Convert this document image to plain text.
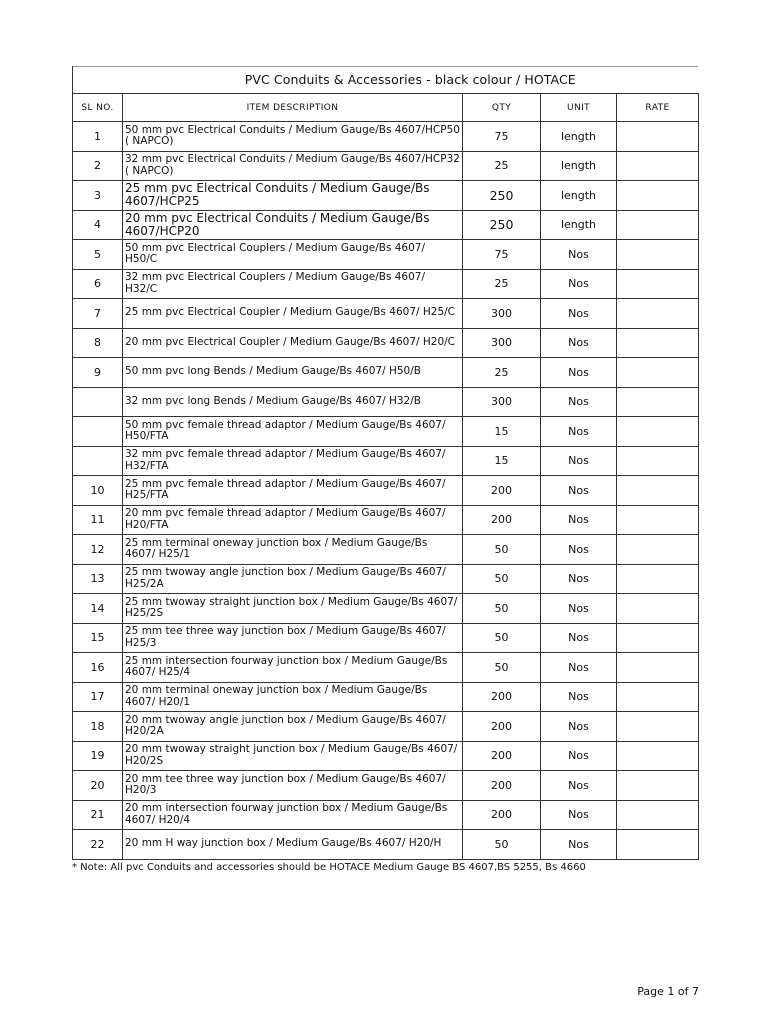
	PVC Conduits & Accessories - black colour / HOTACE			
SL NO.	ITEM DESCRIPTION	QTY	UNIT	RATE
1	50 mm pvc Electrical Conduits / Medium Gauge/Bs 4607/HCP50 ( NAPCO)	75	length	
2	32 mm pvc Electrical Conduits / Medium Gauge/Bs 4607/HCP32 ( NAPCO)	25	length	
3	25 mm pvc Electrical Conduits / Medium Gauge/Bs 4607/HCP25	250	length	
4	20 mm pvc Electrical Conduits / Medium Gauge/Bs 4607/HCP20	250	length	
5	50 mm pvc Electrical Couplers / Medium Gauge/Bs 4607/ H50/C	75	Nos	
6	32 mm pvc Electrical Couplers / Medium Gauge/Bs 4607/ H32/C	25	Nos	
7	25 mm pvc Electrical Coupler / Medium Gauge/Bs 4607/ H25/C	300	Nos	
8	20 mm pvc Electrical Coupler / Medium Gauge/Bs 4607/ H20/C	300	Nos	
9	50 mm pvc long Bends / Medium Gauge/Bs 4607/ H50/B	25	Nos	
	32 mm pvc long Bends / Medium Gauge/Bs 4607/ H32/B	300	Nos	
	50 mm pvc female thread adaptor / Medium Gauge/Bs 4607/ H50/FTA	15	Nos	
	32 mm pvc female thread adaptor / Medium Gauge/Bs 4607/ H32/FTA	15	Nos	
10	25 mm pvc female thread adaptor / Medium Gauge/Bs 4607/ H25/FTA	200	Nos	
11	20 mm pvc female thread adaptor / Medium Gauge/Bs 4607/ H20/FTA	200	Nos	
12	25 mm terminal oneway junction box / Medium Gauge/Bs 4607/ H25/1	50	Nos	
13	25 mm twoway angle junction box / Medium Gauge/Bs 4607/ H25/2A	50	Nos	
14	25 mm twoway straight junction box / Medium Gauge/Bs 4607/ H25/2S	50	Nos	
15	25 mm tee three way junction box / Medium Gauge/Bs 4607/ H25/3	50	Nos	
16	25 mm intersection fourway junction box / Medium Gauge/Bs 4607/ H25/4	50	Nos	
17	20 mm terminal oneway junction box / Medium Gauge/Bs 4607/ H20/1	200	Nos	
18	20 mm twoway angle junction box / Medium Gauge/Bs 4607/ H20/2A	200	Nos	
19	20 mm twoway straight junction box / Medium Gauge/Bs 4607/ H20/2S	200	Nos	
20	20 mm tee three way junction box / Medium Gauge/Bs 4607/ H20/3	200	Nos	
21	20 mm intersection fourway junction box / Medium Gauge/Bs 4607/ H20/4	200	Nos	
22	20 mm H way junction box / Medium Gauge/Bs 4607/ H20/H	50	Nos	
* Note: All pvc Conduits and accessories should be HOTACE Medium Gauge BS 4607,BS 5255, Bs 4660
Page 1 of 7
